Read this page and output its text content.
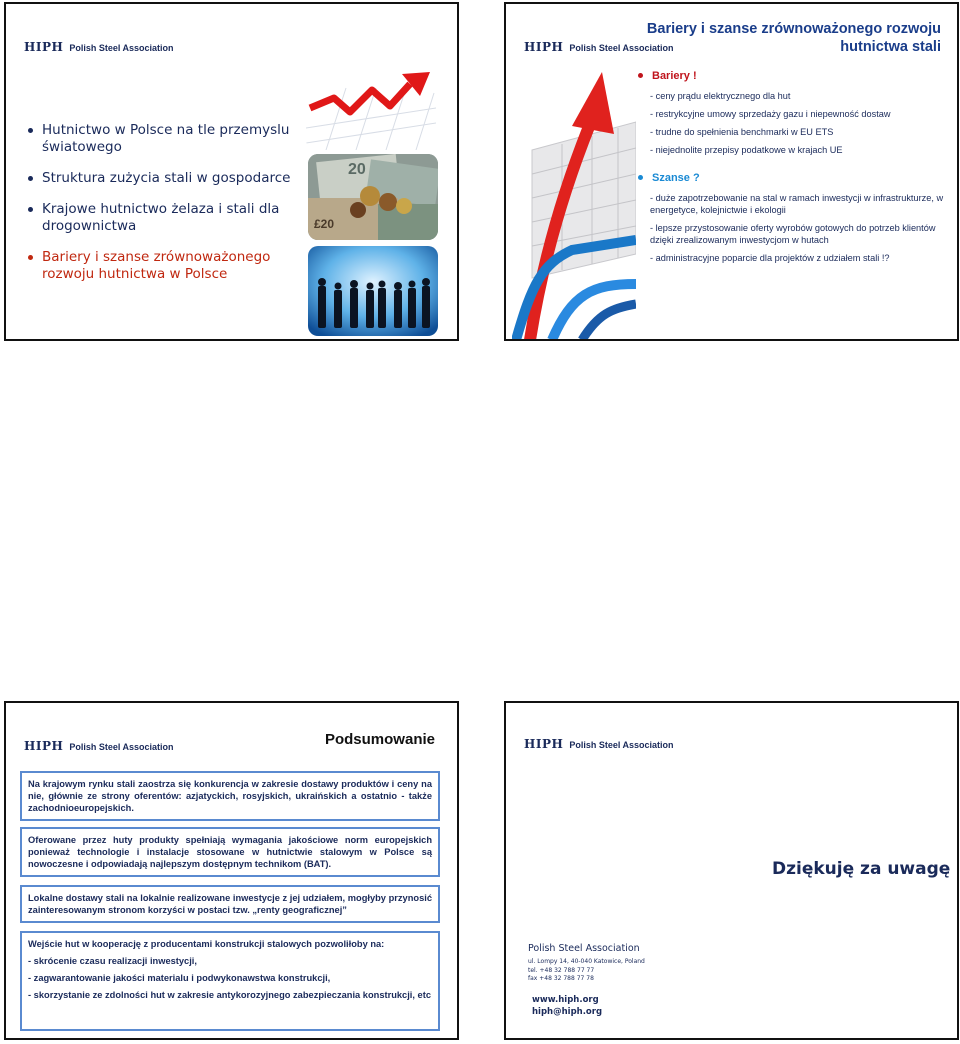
HIPH Polish Steel Association
Hutnictwo w Polsce na tle przemyslu światowego
Struktura zużycia stali w gospodarce
Krajowe hutnictwo żelaza i stali dla drogownictwa
Bariery i szanse zrównoważonego rozwoju hutnictwa w Polsce
20
£20
HIPH Polish Steel Association
Bariery i szanse zrównoważonego rozwoju
hutnictwa stali
Bariery !
- ceny prądu elektrycznego dla hut
- restrykcyjne umowy sprzedaży gazu i niepewność dostaw
- trudne do spełnienia benchmarki w EU ETS
- niejednolite przepisy podatkowe w krajach UE
Szanse ?
- duże zapotrzebowanie na stal w ramach inwestycji w infrastrukturze, w energetyce, kolejnictwie i ekologii
- lepsze przystosowanie oferty wyrobów gotowych do potrzeb klientów dzięki zrealizowanym inwestycjom w hutach
- administracyjne poparcie dla projektów z udziałem stali !?
HIPH Polish Steel Association	Podsumowanie

Na krajowym rynku stali zaostrza się konkurencja w zakresie dostawy produktów i ceny na nie, głównie ze strony oferentów: azjatyckich, rosyjskich, ukraińskich a ostatnio - także zachodnioeuropejskich.

Oferowane przez huty produkty spełniają wymagania jakościowe norm europejskich ponieważ technologie i instalacje stosowane w hutnictwie stalowym w Polsce są nowoczesne i odpowiadają najlepszym dostępnym technikom (BAT).

Lokalne dostawy stali na lokalnie realizowane inwestycje z jej udziałem, mogłyby przynosić zainteresowanym stronom korzyści w postaci tzw. „renty geograficznej”

Wejście hut w kooperację z producentami konstrukcji stalowych pozwoliłoby na:

- skrócenie czasu realizacji inwestycji,

- zagwarantowanie jakości materialu i podwykonawstwa konstrukcji,

- skorzystanie ze zdolności hut w zakresie antykorozyjnego zabezpieczania konstrukcji, etc

HIPH Polish Steel Association
Dziękuję za uwagę
Polish Steel Association
ul. Lompy 14, 40-040 Katowice, Poland
tel. +48 32 788 77 77
fax +48 32 788 77 78
www.hiph.org
hiph@hiph.org
